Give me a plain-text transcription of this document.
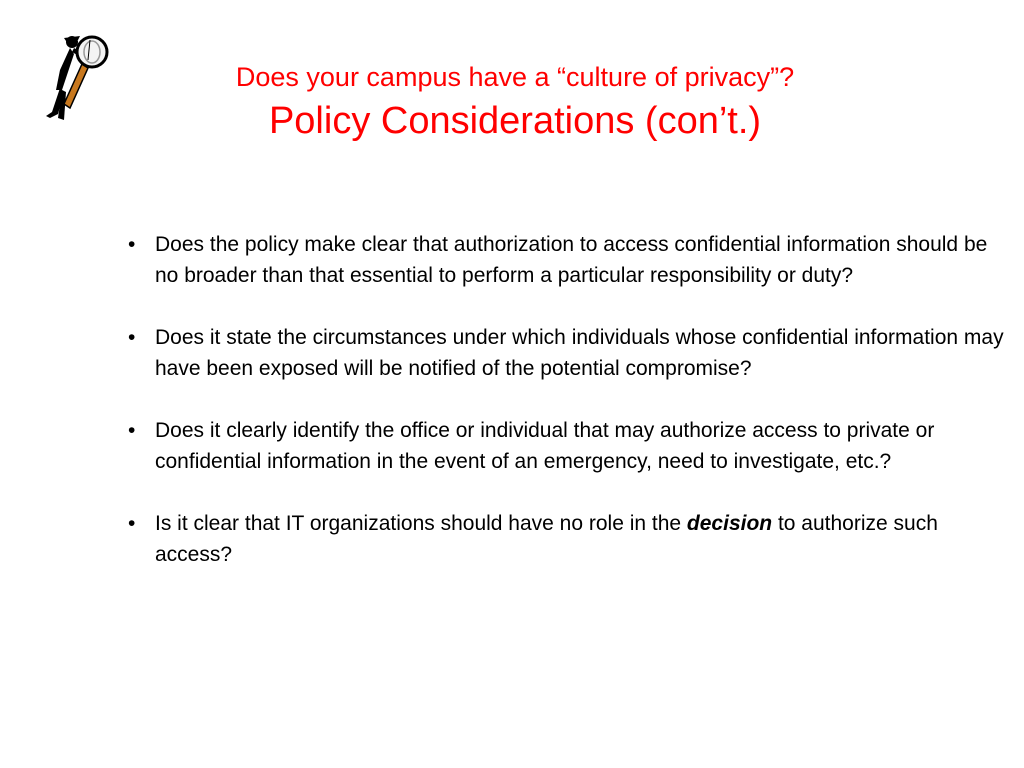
Does your campus have a “culture of privacy”?
Policy Considerations (con’t.)
• Does the policy make clear that authorization to access confidential information should be no broader than that essential to perform a particular responsibility or duty?
• Does it state the circumstances under which individuals whose confidential information may have been exposed will be notified of the potential compromise?
• Does it clearly identify the office or individual that may authorize access to private or confidential information in the event of an emergency, need to investigate, etc.?
• Is it clear that IT organizations should have no role in the decision to authorize such access?
